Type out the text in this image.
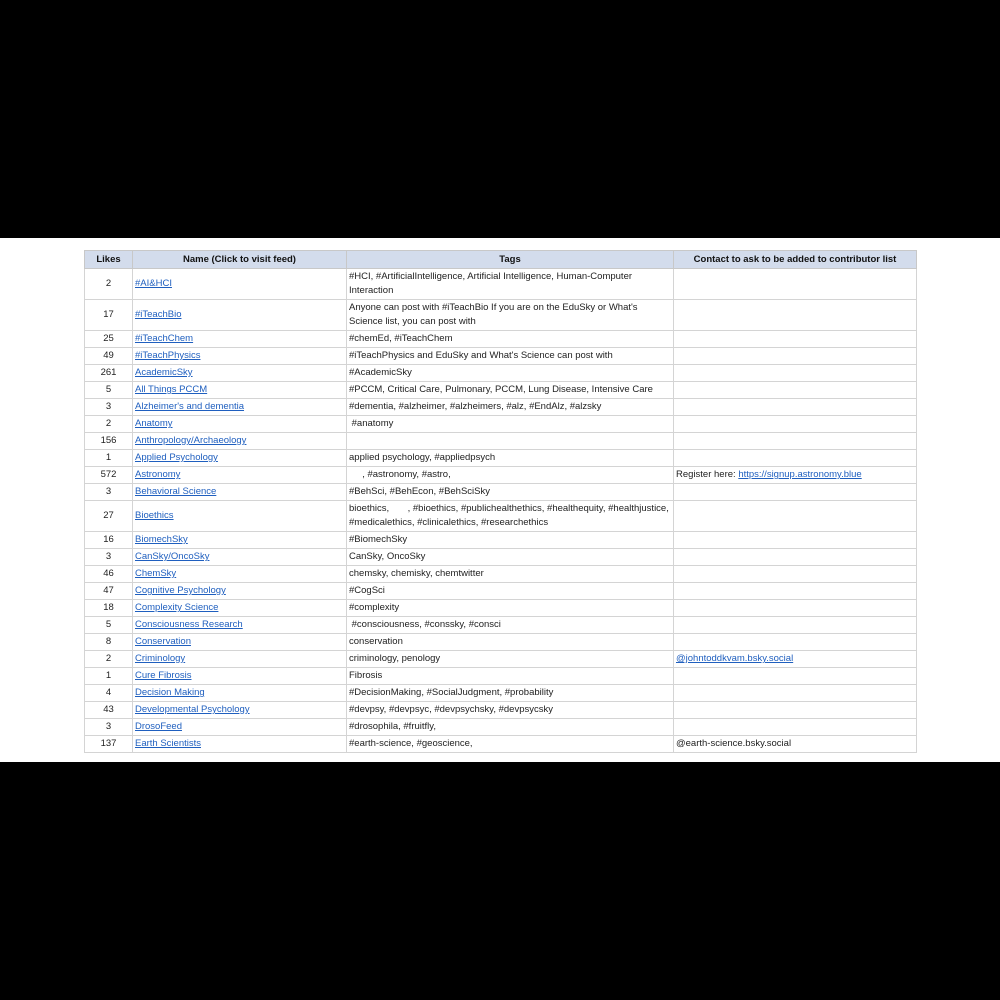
Likes	Name (Click to visit feed)	Tags	Contact to ask to be added to contributor list
2	#AI&HCI	#HCI, #ArtificialIntelligence, Artificial Intelligence, Human-Computer Interaction	
17	#iTeachBio	Anyone can post with #iTeachBio If you are on the EduSky or What's Science list, you can post with	
25	#iTeachChem	#chemEd, #iTeachChem	
49	#iTeachPhysics	#iTeachPhysics and EduSky and What's Science can post with	
261	AcademicSky	#AcademicSky	
5	All Things PCCM	#PCCM, Critical Care, Pulmonary, PCCM, Lung Disease, Intensive Care	
3	Alzheimer's and dementia	#dementia, #alzheimer, #alzheimers, #alz, #EndAlz, #alzsky	
2	Anatomy	#anatomy	
156	Anthropology/Archaeology		
1	Applied Psychology	applied psychology, #appliedpsych	
572	Astronomy	, #astronomy, #astro,	Register here: https://signup.astronomy.blue
3	Behavioral Science	#BehSci, #BehEcon, #BehSciSky	
27	Bioethics	bioethics,       , #bioethics, #publichealthethics, #healthequity, #healthjustice, #medicalethics, #clinicalethics, #researchethics	
16	BiomechSky	#BiomechSky	
3	CanSky/OncoSky	CanSky, OncoSky	
46	ChemSky	chemsky, chemisky, chemtwitter	
47	Cognitive Psychology	#CogSci	
18	Complexity Science	#complexity	
5	Consciousness Research	#consciousness, #conssky, #consci	
8	Conservation	conservation	
2	Criminology	criminology, penology	@johntoddkvam.bsky.social
1	Cure Fibrosis	Fibrosis	
4	Decision Making	#DecisionMaking, #SocialJudgment, #probability	
43	Developmental Psychology	#devpsy, #devpsyc, #devpsychsky, #devpsycsky	
3	DrosoFeed	#drosophila, #fruitfly,	
137	Earth Scientists	#earth-science, #geoscience,	@earth-science.bsky.social
